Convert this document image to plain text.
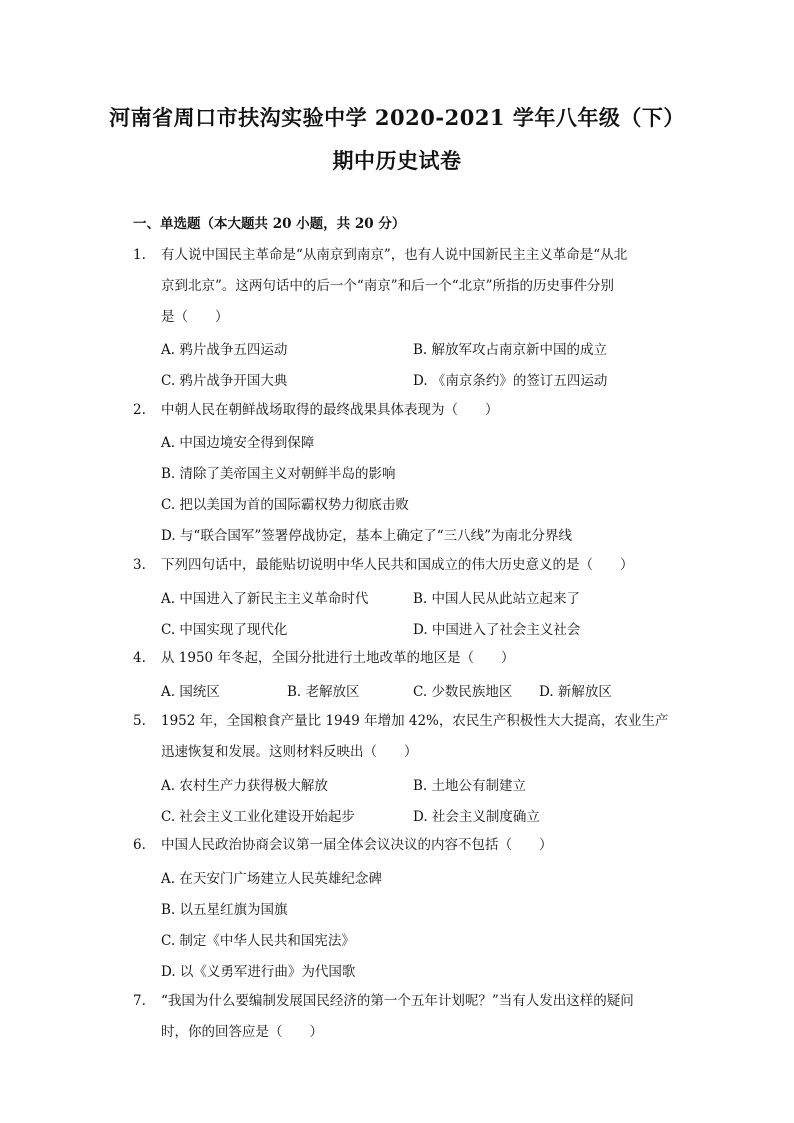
河南省周口市扶沟实验中学 2020-2021 学年八年级（下）
期中历史试卷
一、单选题（本大题共 20 小题，共 20 分）
1.	有人说中国民主革命是“从南京到南京”，也有人说中国新民主主义革命是“从北
京到北京”。这两句话中的后一个“南京”和后一个“北京”所指的历史事件分别
是（　　）
A. 鸦片战争五四运动	B. 解放军攻占南京新中国的成立
C. 鸦片战争开国大典	D. 《南京条约》的签订五四运动
2.	中朝人民在朝鲜战场取得的最终战果具体表现为（　　）
A. 中国边境安全得到保障
B. 清除了美帝国主义对朝鲜半岛的影响
C. 把以美国为首的国际霸权势力彻底击败
D. 与“联合国军”签署停战协定，基本上确定了“三八线”为南北分界线
3.	下列四句话中，最能贴切说明中华人民共和国成立的伟大历史意义的是（　　）
A. 中国进入了新民主主义革命时代	B. 中国人民从此站立起来了
C. 中国实现了现代化	D. 中国进入了社会主义社会
4.	从 1950 年冬起，全国分批进行土地改革的地区是（　　）
A. 国统区	B. 老解放区	C. 少数民族地区 D. 新解放区
5.	1952 年，全国粮食产量比 1949 年增加 42%，农民生产积极性大大提高，农业生产
迅速恢复和发展。这则材料反映出（　　）
A. 农村生产力获得极大解放	B. 土地公有制建立
C. 社会主义工业化建设开始起步	D. 社会主义制度确立
6.	中国人民政治协商会议第一届全体会议决议的内容不包括（　　）
A. 在天安门广场建立人民英雄纪念碑
B. 以五星红旗为国旗
C. 制定《中华人民共和国宪法》
D. 以《义勇军进行曲》为代国歌
7.	“我国为什么要编制发展国民经济的第一个五年计划呢？”当有人发出这样的疑问
时，你的回答应是（　　）
